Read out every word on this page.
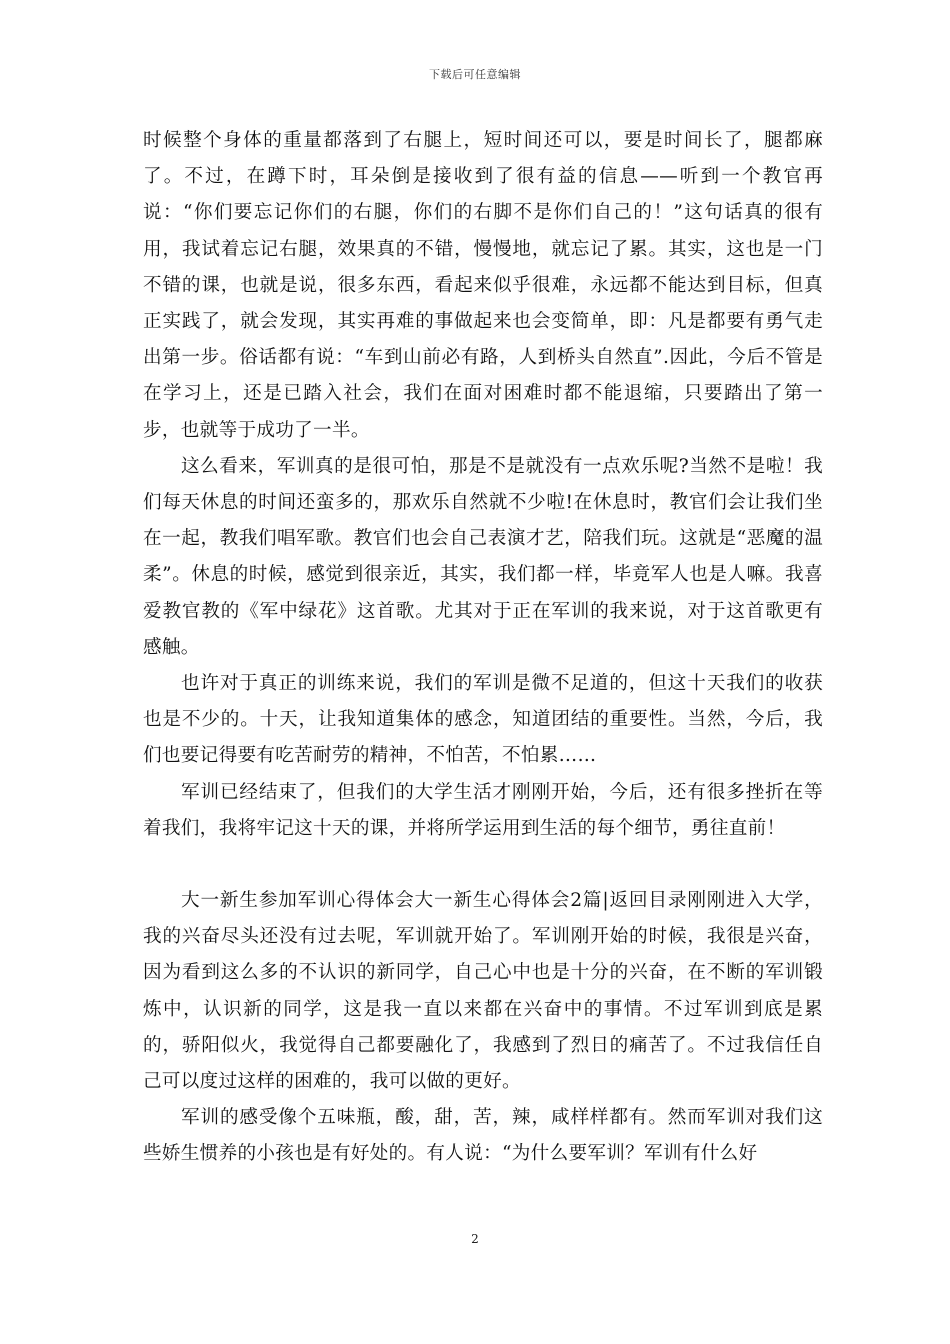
下载后可任意编辑

时候整个身体的重量都落到了右腿上，短时间还可以，要是时间长了，腿都麻了。不过，在蹲下时，耳朵倒是接收到了很有益的信息——听到一个教官再说：“你们要忘记你们的右腿，你们的右脚不是你们自己的！”这句话真的很有用，我试着忘记右腿，效果真的不错，慢慢地，就忘记了累。其实，这也是一门不错的课，也就是说，很多东西，看起来似乎很难，永远都不能达到目标，但真正实践了，就会发现，其实再难的事做起来也会变简单，即：凡是都要有勇气走出第一步。俗话都有说：“车到山前必有路，人到桥头自然直”.因此，今后不管是在学习上，还是已踏入社会，我们在面对困难时都不能退缩，只要踏出了第一步，也就等于成功了一半。

这么看来，军训真的是很可怕，那是不是就没有一点欢乐呢?当然不是啦！我们每天休息的时间还蛮多的，那欢乐自然就不少啦!在休息时，教官们会让我们坐在一起，教我们唱军歌。教官们也会自己表演才艺，陪我们玩。这就是“恶魔的温柔”。休息的时候，感觉到很亲近，其实，我们都一样，毕竟军人也是人嘛。我喜爱教官教的《军中绿花》这首歌。尤其对于正在军训的我来说，对于这首歌更有感触。

也许对于真正的训练来说，我们的军训是微不足道的，但这十天我们的收获也是不少的。十天，让我知道集体的感念，知道团结的重要性。当然，今后，我们也要记得要有吃苦耐劳的精神，不怕苦，不怕累……

军训已经结束了，但我们的大学生活才刚刚开始，今后，还有很多挫折在等着我们，我将牢记这十天的课，并将所学运用到生活的每个细节，勇往直前！

大一新生参加军训心得体会大一新生心得体会2篇|返回目录刚刚进入大学，我的兴奋尽头还没有过去呢，军训就开始了。军训刚开始的时候，我很是兴奋，因为看到这么多的不认识的新同学，自己心中也是十分的兴奋，在不断的军训锻炼中，认识新的同学，这是我一直以来都在兴奋中的事情。不过军训到底是累的，骄阳似火，我觉得自己都要融化了，我感到了烈日的痛苦了。不过我信任自己可以度过这样的困难的，我可以做的更好。

军训的感受像个五味瓶，酸，甜，苦，辣，咸样样都有。然而军训对我们这些娇生惯养的小孩也是有好处的。有人说：“为什么要军训？军训有什么好

2
